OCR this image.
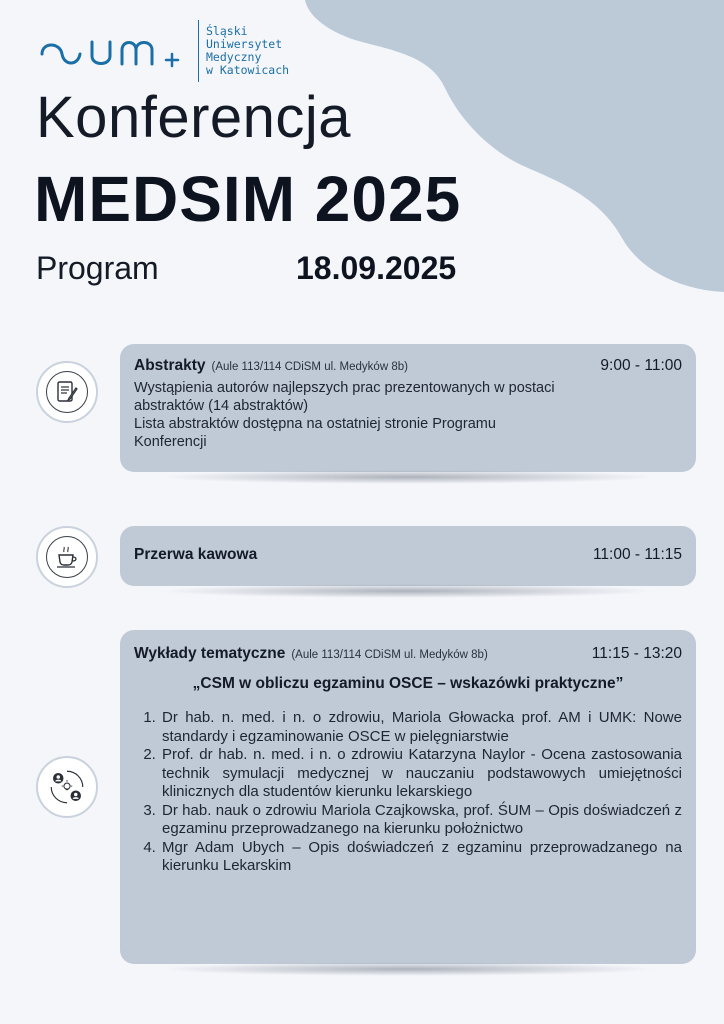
Śląski
Uniwersytet
Medyczny
w Katowicach
Konferencja
MEDSIM 2025
Program	18.09.2025
Abstrakty (Aule 113/114 CDiSM ul. Medyków 8b)	9:00 - 11:00
Wystąpienia autorów najlepszych prac prezentowanych w postaci
abstraktów (14 abstraktów)
Lista abstraktów dostępna na ostatniej stronie Programu
Konferencji
Przerwa kawowa	11:00 - 11:15
Wykłady tematyczne (Aule 113/114 CDiSM ul. Medyków 8b)	11:15 - 13:20
„CSM w obliczu egzaminu OSCE – wskazówki praktyczne”
1. Dr hab. n. med. i n. o zdrowiu, Mariola Głowacka prof. AM i UMK: Nowe standardy i egzaminowanie OSCE w pielęgniarstwie
2. Prof. dr hab. n. med. i n. o zdrowiu Katarzyna Naylor - Ocena zastosowania technik symulacji medycznej w nauczaniu podstawowych umiejętności klinicznych dla studentów kierunku lekarskiego
3. Dr hab. nauk o zdrowiu Mariola Czajkowska, prof. ŚUM – Opis doświadczeń z egzaminu przeprowadzanego na kierunku położnictwo
4. Mgr Adam Ubych – Opis doświadczeń z egzaminu przeprowadzanego na kierunku Lekarskim
